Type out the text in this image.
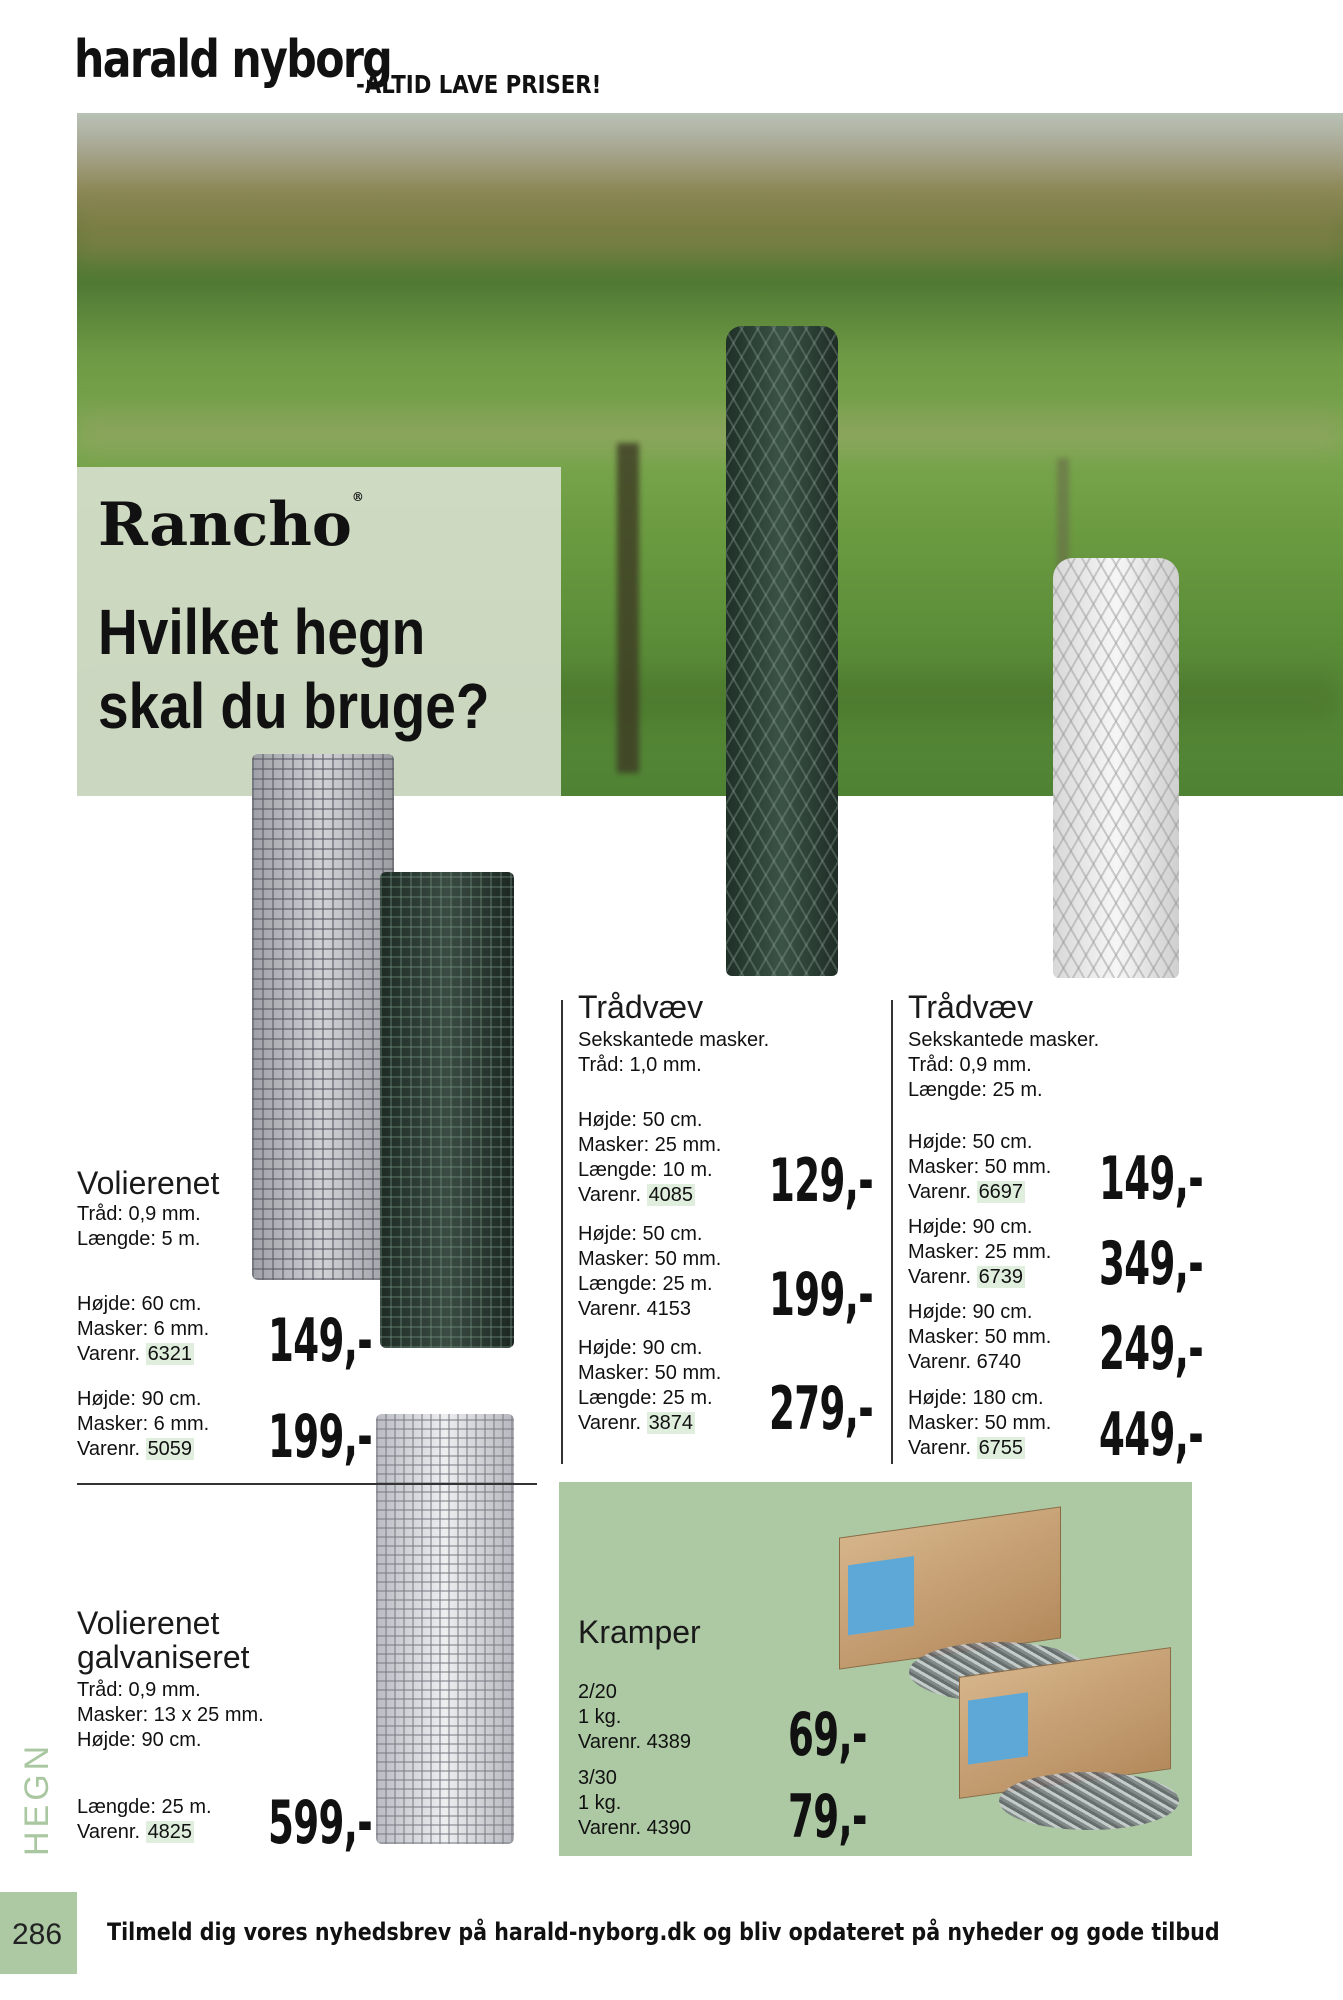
harald nyborg
-ALTID LAVE PRISER!
Rancho®
Hvilket hegn
skal du bruge?
Volierenet
Tråd: 0,9 mm.
Længde: 5 m.
Højde: 60 cm.
Masker: 6 mm.
Varenr. 6321 149,-
Højde: 90 cm.
Masker: 6 mm.
Varenr. 5059 199,-
Trådvæv
Sekskantede masker.
Tråd: 1,0 mm.
Højde: 50 cm.
Masker: 25 mm.
Længde: 10 m.
Varenr. 4085	129,-
Højde: 50 cm.
Masker: 50 mm.
Længde: 25 m.
Varenr. 4153	199,-
Højde: 90 cm.
Masker: 50 mm.
Længde: 25 m.
Varenr. 3874	279,-
Trådvæv
Sekskantede masker.
Tråd: 0,9 mm.
Længde: 25 m.
Højde: 50 cm.
Masker: 50 mm.
Varenr. 6697	149,-
Højde: 90 cm.
Masker: 25 mm.
Varenr. 6739	349,-
Højde: 90 cm.
Masker: 50 mm.
Varenr. 6740	249,-
Højde: 180 cm.
Masker: 50 mm.
Varenr. 6755	449,-
Volierenet
galvaniseret
Tråd: 0,9 mm.
Masker: 13 x 25 mm.
Højde: 90 cm.
Længde: 25 m.
Varenr. 4825	599,-
Kramper
2/20
1 kg.
Varenr. 4389 69,-
3/30
1 kg.
Varenr. 4390 79,-
HEGN
286 Tilmeld dig vores nyhedsbrev på harald-nyborg.dk og bliv opdateret på nyheder og gode tilbud
